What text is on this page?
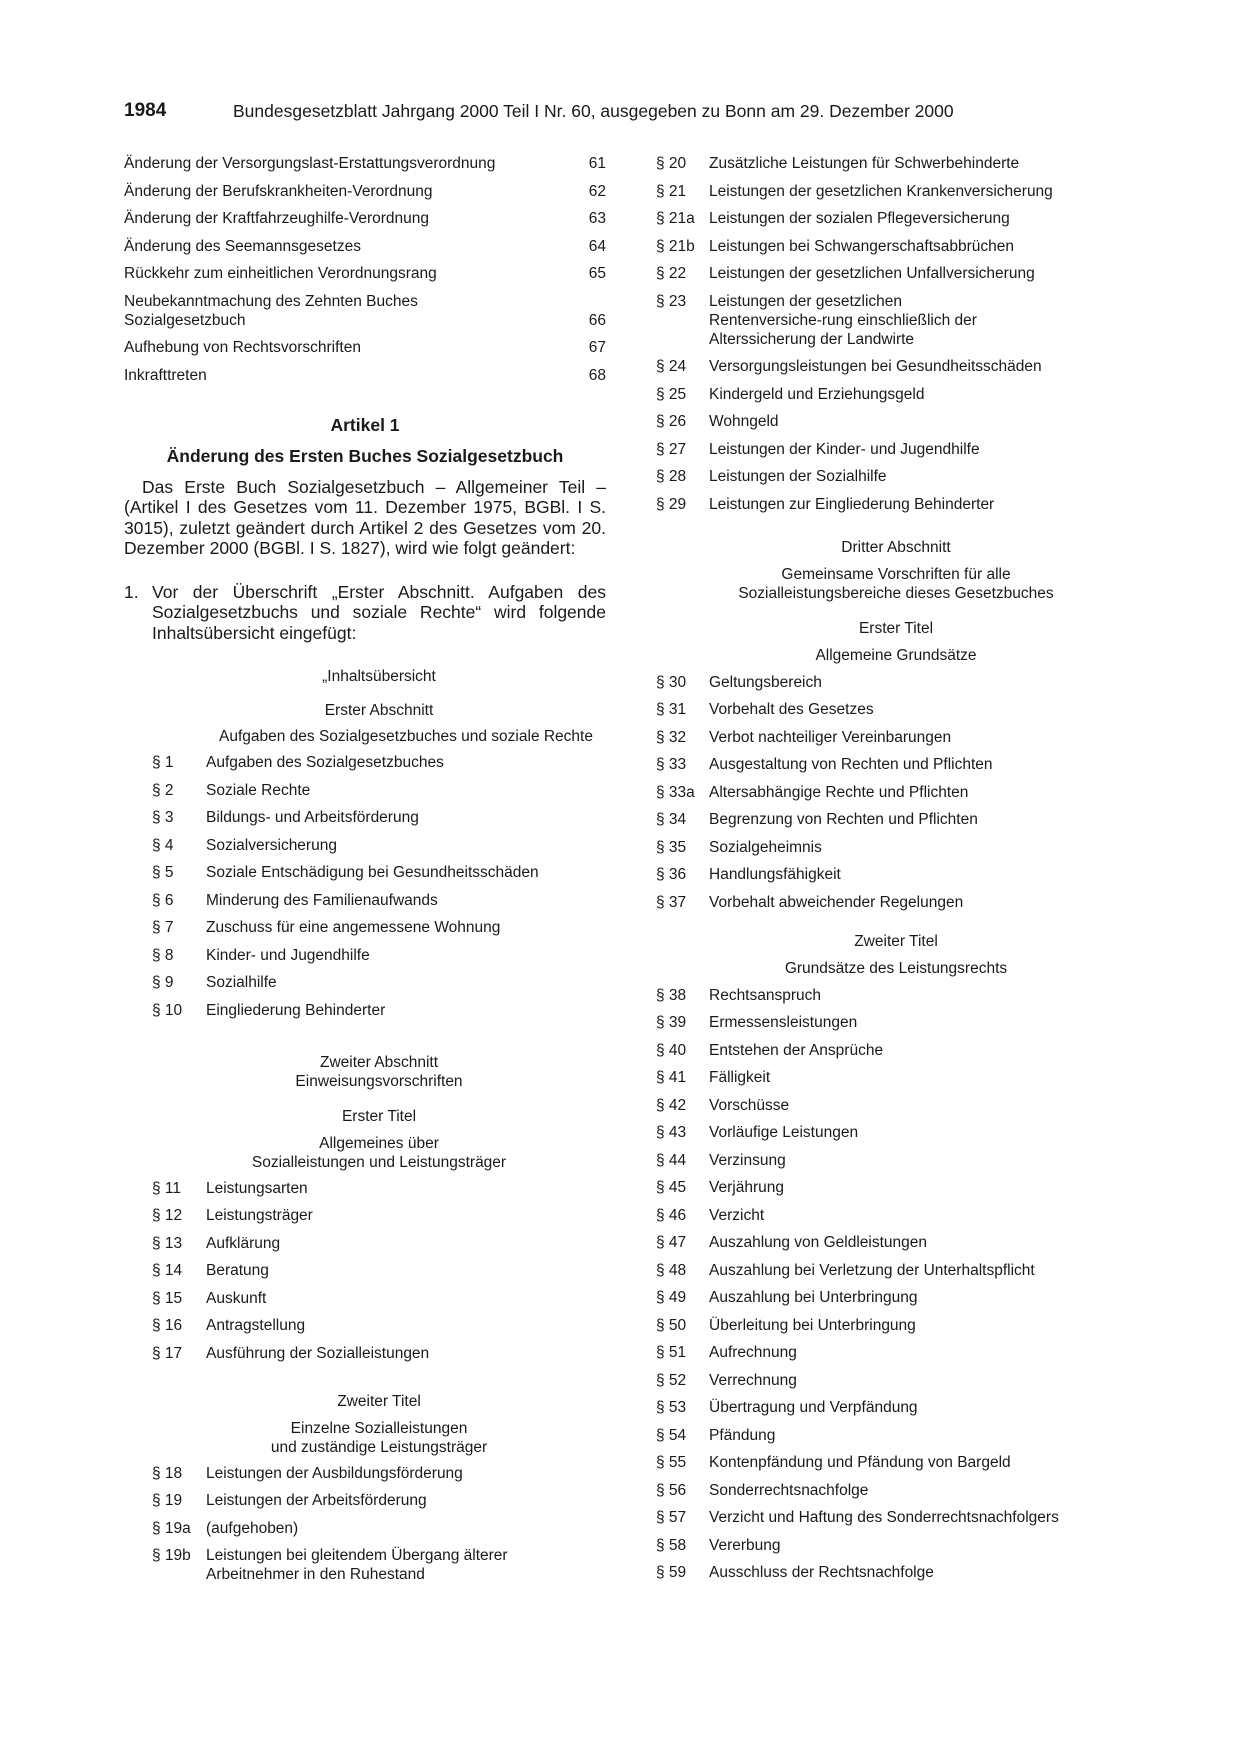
1984	Bundesgesetzblatt Jahrgang 2000 Teil I Nr. 60, ausgegeben zu Bonn am 29. Dezember 2000
Änderung der Versorgungslast-Erstattungsverordnung	61
Änderung der Berufskrankheiten-Verordnung	62
Änderung der Kraftfahrzeughilfe-Verordnung	63
Änderung des Seemannsgesetzes	64
Rückkehr zum einheitlichen Verordnungsrang	65
Neubekanntmachung des Zehnten Buches Sozialgesetzbuch	66
Aufhebung von Rechtsvorschriften	67
Inkrafttreten	68
Artikel 1
Änderung des Ersten Buches Sozialgesetzbuch
Das Erste Buch Sozialgesetzbuch – Allgemeiner Teil – (Artikel I des Gesetzes vom 11. Dezember 1975, BGBl. I S. 3015), zuletzt geändert durch Artikel 2 des Gesetzes vom 20. Dezember 2000 (BGBl. I S. 1827), wird wie folgt geändert:
1. Vor der Überschrift „Erster Abschnitt. Aufgaben des Sozialgesetzbuchs und soziale Rechte“ wird folgende Inhaltsübersicht eingefügt:
„Inhaltsübersicht
Erster Abschnitt
Aufgaben des Sozialgesetzbuches und soziale Rechte
§ 1	Aufgaben des Sozialgesetzbuches
§ 2	Soziale Rechte
§ 3	Bildungs- und Arbeitsförderung
§ 4	Sozialversicherung
§ 5	Soziale Entschädigung bei Gesundheitsschäden
§ 6	Minderung des Familienaufwands
§ 7	Zuschuss für eine angemessene Wohnung
§ 8	Kinder- und Jugendhilfe
§ 9	Sozialhilfe
§ 10	Eingliederung Behinderter
Zweiter Abschnitt
Einweisungsvorschriften
Erster Titel
Allgemeines über
Sozialleistungen und Leistungsträger
§ 11	Leistungsarten
§ 12	Leistungsträger
§ 13	Aufklärung
§ 14	Beratung
§ 15	Auskunft
§ 16	Antragstellung
§ 17	Ausführung der Sozialleistungen
Zweiter Titel
Einzelne Sozialleistungen
und zuständige Leistungsträger
§ 18	Leistungen der Ausbildungsförderung
§ 19	Leistungen der Arbeitsförderung
§ 19a (aufgehoben)
§ 19b Leistungen bei gleitendem Übergang älterer Arbeitnehmer in den Ruhestand
§ 20	Zusätzliche Leistungen für Schwerbehinderte
§ 21	Leistungen der gesetzlichen Krankenversicherung
§ 21a Leistungen der sozialen Pflegeversicherung
§ 21b Leistungen bei Schwangerschaftsabbrüchen
§ 22	Leistungen der gesetzlichen Unfallversicherung
§ 23	Leistungen der gesetzlichen Rentenversiche-rung einschließlich der Alterssicherung der Landwirte
§ 24	Versorgungsleistungen bei Gesundheitsschäden
§ 25	Kindergeld und Erziehungsgeld
§ 26	Wohngeld
§ 27	Leistungen der Kinder- und Jugendhilfe
§ 28	Leistungen der Sozialhilfe
§ 29	Leistungen zur Eingliederung Behinderter
Dritter Abschnitt
Gemeinsame Vorschriften für alle
Sozialleistungsbereiche dieses Gesetzbuches
Erster Titel
Allgemeine Grundsätze
§ 30	Geltungsbereich
§ 31	Vorbehalt des Gesetzes
§ 32	Verbot nachteiliger Vereinbarungen
§ 33	Ausgestaltung von Rechten und Pflichten
§ 33a Altersabhängige Rechte und Pflichten
§ 34	Begrenzung von Rechten und Pflichten
§ 35	Sozialgeheimnis
§ 36	Handlungsfähigkeit
§ 37	Vorbehalt abweichender Regelungen
Zweiter Titel
Grundsätze des Leistungsrechts
§ 38	Rechtsanspruch
§ 39	Ermessensleistungen
§ 40	Entstehen der Ansprüche
§ 41	Fälligkeit
§ 42	Vorschüsse
§ 43	Vorläufige Leistungen
§ 44	Verzinsung
§ 45	Verjährung
§ 46	Verzicht
§ 47	Auszahlung von Geldleistungen
§ 48	Auszahlung bei Verletzung der Unterhaltspflicht
§ 49	Auszahlung bei Unterbringung
§ 50	Überleitung bei Unterbringung
§ 51	Aufrechnung
§ 52	Verrechnung
§ 53	Übertragung und Verpfändung
§ 54	Pfändung
§ 55	Kontenpfändung und Pfändung von Bargeld
§ 56	Sonderrechtsnachfolge
§ 57	Verzicht und Haftung des Sonderrechtsnachfolgers
§ 58	Vererbung
§ 59	Ausschluss der Rechtsnachfolge
